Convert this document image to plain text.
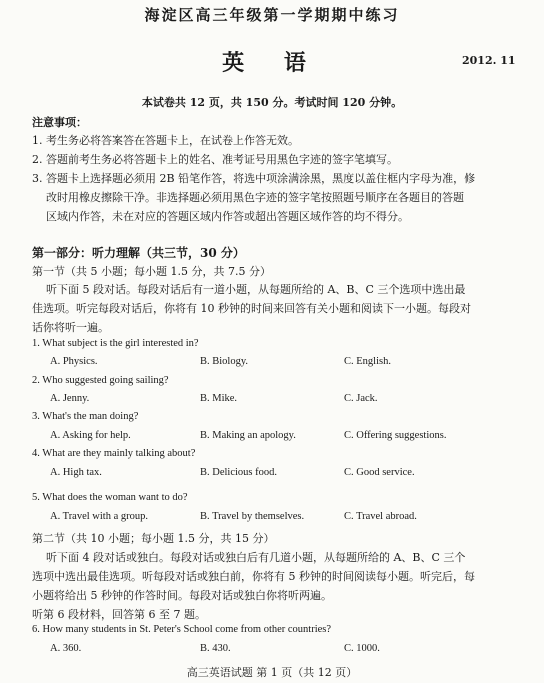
海淀区高三年级第一学期期中练习
英 语	2012. 11
本试卷共 12 页，共 150 分。考试时间 120 分钟。
注意事项：
1. 考生务必将答案答在答题卡上，在试卷上作答无效。
2. 答题前考生务必将答题卡上的姓名、准考证号用黑色字迹的签字笔填写。
3. 答题卡上选择题必须用 2B 铅笔作答，将选中项涂满涂黑，黑度以盖住框内字母为准，修
改时用橡皮擦除干净。非选择题必须用黑色字迹的签字笔按照题号顺序在各题目的答题
区域内作答，未在对应的答题区域内作答或超出答题区域作答的均不得分。
第一部分：听力理解（共三节，30 分）
第一节（共 5 小题；每小题 1.5 分，共 7.5 分）
听下面 5 段对话。每段对话后有一道小题，从每题所给的 A、B、C 三个选项中选出最
佳选项。听完每段对话后，你将有 10 秒钟的时间来回答有关小题和阅读下一小题。每段对
话你将听一遍。
1. What subject is the girl interested in?
A. Physics.	B. Biology.	C. English.
2. Who suggested going sailing?
A. Jenny.	B. Mike.	C. Jack.
3. What's the man doing?
A. Asking for help.	B. Making an apology.	C. Offering suggestions.
4. What are they mainly talking about?
A. High tax.	B. Delicious food.	C. Good service.
5. What does the woman want to do?
A. Travel with a group.	B. Travel by themselves.	C. Travel abroad.
第二节（共 10 小题；每小题 1.5 分，共 15 分）
听下面 4 段对话或独白。每段对话或独白后有几道小题，从每题所给的 A、B、C 三个
选项中选出最佳选项。听每段对话或独白前，你将有 5 秒钟的时间阅读每小题。听完后，每
小题将给出 5 秒钟的作答时间。每段对话或独白你将听两遍。
听第 6 段材料，回答第 6 至 7 题。
6. How many students in St. Peter's School come from other countries?
A. 360.	B. 430.	C. 1000.
高三英语试题 第 1 页（共 12 页）
